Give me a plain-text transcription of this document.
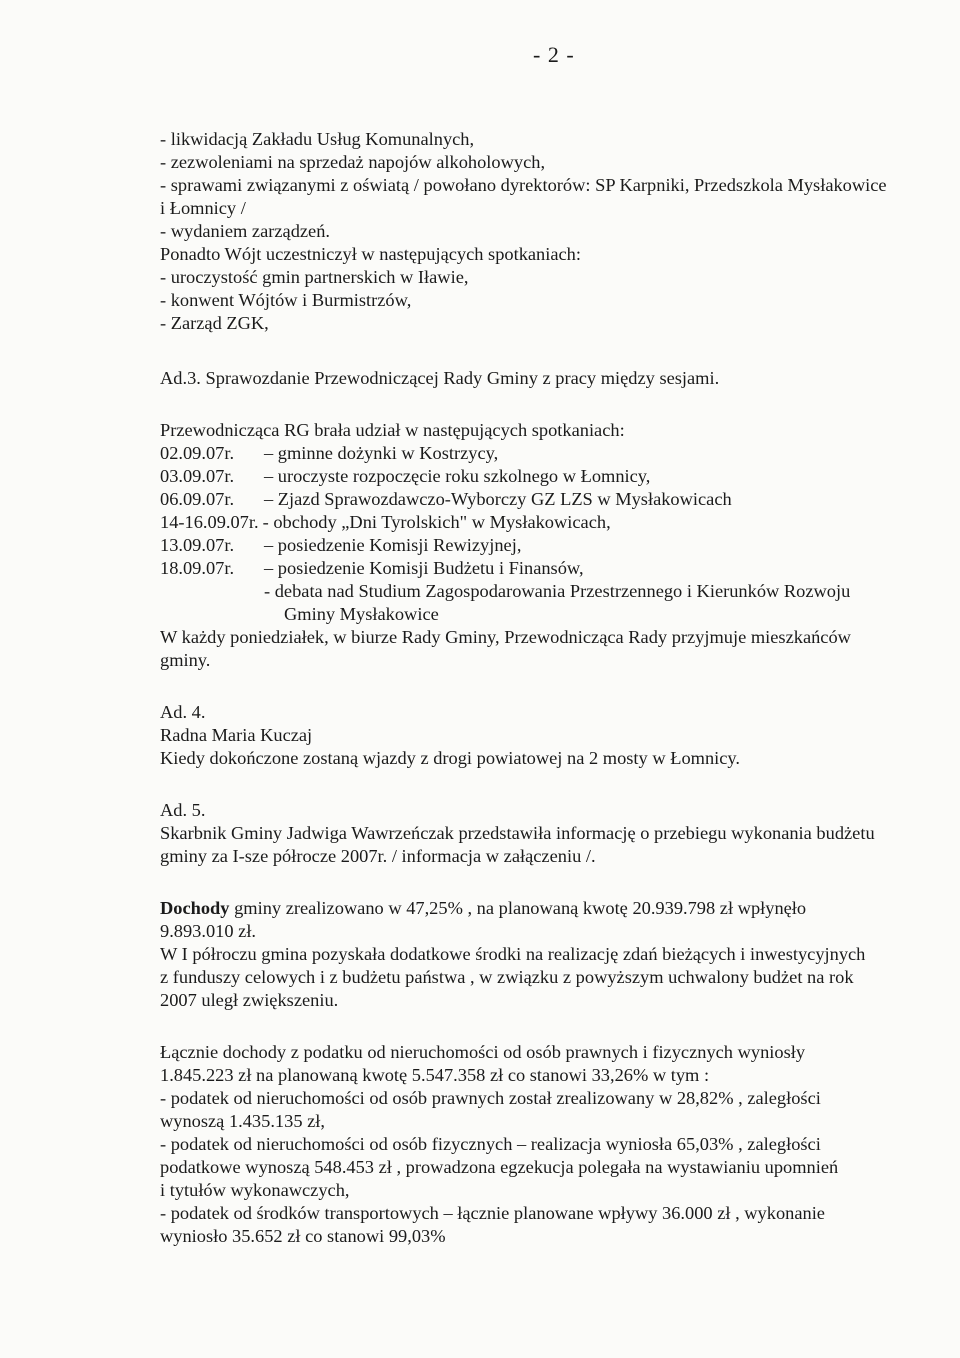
- 2 -
- likwidacją Zakładu Usług Komunalnych,
- zezwoleniami na sprzedaż napojów alkoholowych,
- sprawami związanymi z oświatą / powołano dyrektorów: SP Karpniki, Przedszkola Mysłakowice
i Łomnicy /
- wydaniem zarządzeń.
Ponadto Wójt uczestniczył w następujących spotkaniach:
- uroczystość gmin partnerskich w Iławie,
- konwent Wójtów i Burmistrzów,
- Zarząd ZGK,
Ad.3. Sprawozdanie Przewodniczącej Rady Gminy z pracy między sesjami.
Przewodnicząca RG brała udział w następujących spotkaniach:
02.09.07r.	– gminne dożynki w Kostrzycy,
03.09.07r.	– uroczyste rozpoczęcie roku szkolnego w Łomnicy,
06.09.07r.	– Zjazd Sprawozdawczo-Wyborczy GZ LZS w Mysłakowicach
14-16.09.07r. - obchody „Dni Tyrolskich" w Mysłakowicach,
13.09.07r.	– posiedzenie Komisji Rewizyjnej,
18.09.07r.	– posiedzenie Komisji Budżetu i Finansów,
- debata nad Studium Zagospodarowania Przestrzennego i Kierunków Rozwoju
Gminy Mysłakowice
W każdy poniedziałek, w biurze Rady Gminy, Przewodnicząca Rady przyjmuje mieszkańców
gminy.
Ad. 4.
Radna Maria Kuczaj
Kiedy dokończone zostaną wjazdy z drogi powiatowej na 2 mosty w Łomnicy.
Ad. 5.
Skarbnik Gminy Jadwiga Wawrzeńczak przedstawiła informację o przebiegu wykonania budżetu
gminy za I-sze półrocze 2007r. / informacja w załączeniu /.
Dochody gminy zrealizowano w 47,25% , na planowaną kwotę 20.939.798 zł wpłynęło
9.893.010 zł.
W I półroczu gmina pozyskała dodatkowe środki na realizację zdań bieżących i inwestycyjnych
z funduszy celowych i z budżetu państwa , w związku z powyższym uchwalony budżet na rok
2007 uległ zwiększeniu.
Łącznie dochody z podatku od nieruchomości od osób prawnych i fizycznych wyniosły
1.845.223 zł na planowaną kwotę 5.547.358 zł co stanowi 33,26% w tym :
- podatek od nieruchomości od osób prawnych został zrealizowany w 28,82% , zaległości
wynoszą 1.435.135 zł,
- podatek od nieruchomości od osób fizycznych – realizacja wyniosła 65,03% , zaległości
podatkowe wynoszą 548.453 zł , prowadzona egzekucja polegała na wystawianiu upomnień
i tytułów wykonawczych,
- podatek od środków transportowych – łącznie planowane wpływy 36.000 zł , wykonanie
wyniosło 35.652 zł co stanowi 99,03%
